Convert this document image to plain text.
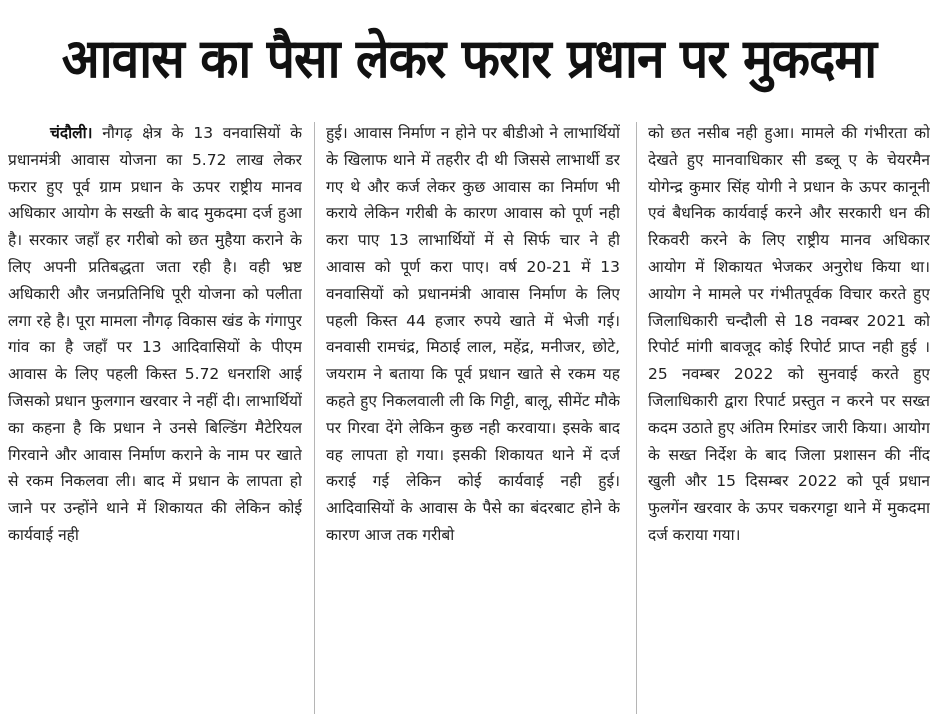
आवास का पैसा लेकर फरार प्रधान पर मुकदमा

चंदौली। नौगढ़ क्षेत्र के 13 वनवासियों के प्रधानमंत्री आवास योजना का 5.72 लाख लेकर फरार हुए पूर्व ग्राम प्रधान के ऊपर राष्ट्रीय मानव अधिकार आयोग के सख्ती के बाद मुकदमा दर्ज हुआ है। सरकार जहाँ हर गरीबो को छत मुहैया कराने के लिए अपनी प्रतिबद्धता जता रही है। वही भ्रष्ट अधिकारी और जनप्रतिनिधि पूरी योजना को पलीता लगा रहे है। पूरा मामला नौगढ़ विकास खंड के गंगापुर गांव का है जहाँ पर 13 आदिवासियों के पीएम आवास के लिए पहली किस्त 5.72 धनराशि आई जिसको प्रधान फुलगान खरवार ने नहीं दी। लाभार्थियों का कहना है कि प्रधान ने उनसे बिल्डिंग मैटेरियल गिरवाने और आवास निर्माण कराने के नाम पर खाते से रकम निकलवा ली। बाद में प्रधान के लापता हो जाने पर उन्होंने थाने में शिकायत की लेकिन कोई कार्यवाई नही

हुई। आवास निर्माण न होने पर बीडीओ ने लाभार्थियों के खिलाफ थाने में तहरीर दी थी जिससे लाभार्थी डर गए थे और कर्ज लेकर कुछ आवास का निर्माण भी कराये लेकिन गरीबी के कारण आवास को पूर्ण नही करा पाए 13 लाभार्थियों में से सिर्फ चार ने ही आवास को पूर्ण करा पाए। वर्ष 20-21 में 13 वनवासियों को प्रधानमंत्री आवास निर्माण के लिए पहली किस्त 44 हजार रुपये खाते में भेजी गई। वनवासी रामचंद्र, मिठाई लाल, महेंद्र, मनीजर, छोटे, जयराम ने बताया कि पूर्व प्रधान खाते से रकम यह कहते हुए निकलवाली ली कि गिट्टी, बालू, सीमेंट मौके पर गिरवा देंगे लेकिन कुछ नही करवाया। इसके बाद वह लापता हो गया। इसकी शिकायत थाने में दर्ज कराई गई लेकिन कोई कार्यवाई नही हुई। आदिवासियों के आवास के पैसे का बंदरबाट होने के कारण आज तक गरीबो

को छत नसीब नही हुआ। मामले की गंभीरता को देखते हुए मानवाधिकार सी डब्लू ए के चेयरमैन योगेन्द्र कुमार सिंह योगी ने प्रधान के ऊपर कानूनी एवं बैधनिक कार्यवाई करने और सरकारी धन की रिकवरी करने के लिए राष्ट्रीय मानव अधिकार आयोग में शिकायत भेजकर अनुरोध किया था। आयोग ने मामले पर गंभीतपूर्वक विचार करते हुए जिलाधिकारी चन्दौली से 18 नवम्बर 2021 को रिपोर्ट मांगी बावजूद कोई रिपोर्ट प्राप्त नही हुई । 25 नवम्बर 2022 को सुनवाई करते हुए जिलाधिकारी द्वारा रिपार्ट प्रस्तुत न करने पर सख्त कदम उठाते हुए अंतिम रिमांडर जारी किया। आयोग के सख्त निर्देश के बाद जिला प्रशासन की नींद खुली और 15 दिसम्बर 2022 को पूर्व प्रधान फुलगेंन खरवार के ऊपर चकरगट्टा थाने में मुकदमा दर्ज कराया गया।
